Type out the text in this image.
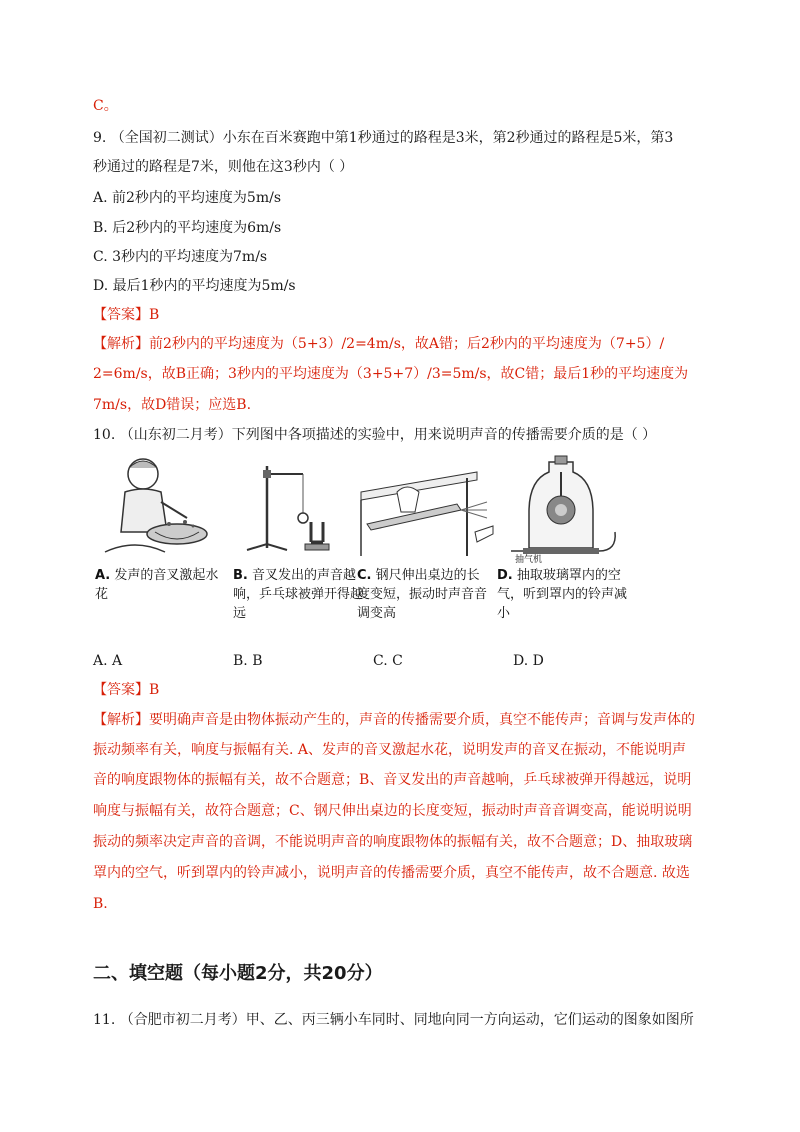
C。
9. （全国初二测试）小东在百米赛跑中第1秒通过的路程是3米，第2秒通过的路程是5米，第3
秒通过的路程是7米，则他在这3秒内（ ）
A. 前2秒内的平均速度为5m/s
B. 后2秒内的平均速度为6m/s
C. 3秒内的平均速度为7m/s
D. 最后1秒内的平均速度为5m/s
【答案】B
【解析】前2秒内的平均速度为（5+3）/2=4m/s，故A错；后2秒内的平均速度为（7+5）/
2=6m/s，故B正确；3秒内的平均速度为（3+5+7）/3=5m/s，故C错；最后1秒的平均速度为
7m/s，故D错误；应选B.
10. （山东初二月考）下列图中各项描述的实验中，用来说明声音的传播需要介质的是（ ）
A. 发声的音叉激起水花
B. 音叉发出的声音越响，乒乓球被弹开得越远
C. 钢尺伸出桌边的长度变短，振动时声音音调变高
抽气机
D. 抽取玻璃罩内的空气，听到罩内的铃声减小
A. A	B. B	C. C	D. D
【答案】B
【解析】要明确声音是由物体振动产生的，声音的传播需要介质，真空不能传声；音调与发声体的
振动频率有关，响度与振幅有关. A、发声的音叉激起水花，说明发声的音叉在振动，不能说明声
音的响度跟物体的振幅有关，故不合题意；B、音叉发出的声音越响，乒乓球被弹开得越远，说明
响度与振幅有关，故符合题意；C、钢尺伸出桌边的长度变短，振动时声音音调变高，能说明说明
振动的频率决定声音的音调，不能说明声音的响度跟物体的振幅有关，故不合题意；D、抽取玻璃
罩内的空气，听到罩内的铃声减小，说明声音的传播需要介质，真空不能传声，故不合题意. 故选
B.
二、填空题（每小题2分，共20分）
11. （合肥市初二月考）甲、乙、丙三辆小车同时、同地向同一方向运动，它们运动的图象如图所
